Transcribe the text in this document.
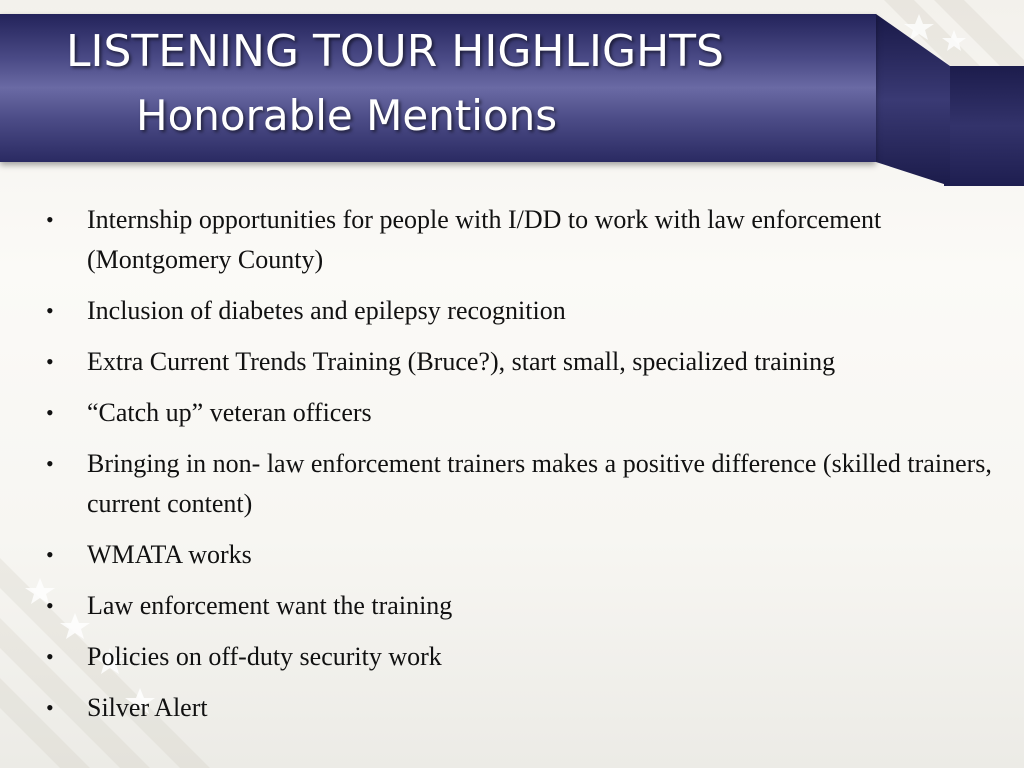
LISTENING TOUR HIGHLIGHTS
Honorable Mentions
• Internship opportunities for people with I/DD to work with law enforcement (Montgomery County)
• Inclusion of diabetes and epilepsy recognition
• Extra Current Trends Training (Bruce?), start small, specialized training
• “Catch up” veteran officers
• Bringing in non- law enforcement trainers makes a positive difference (skilled trainers, current content)
• WMATA works
• Law enforcement want the training
• Policies on off-duty security work
• Silver Alert
